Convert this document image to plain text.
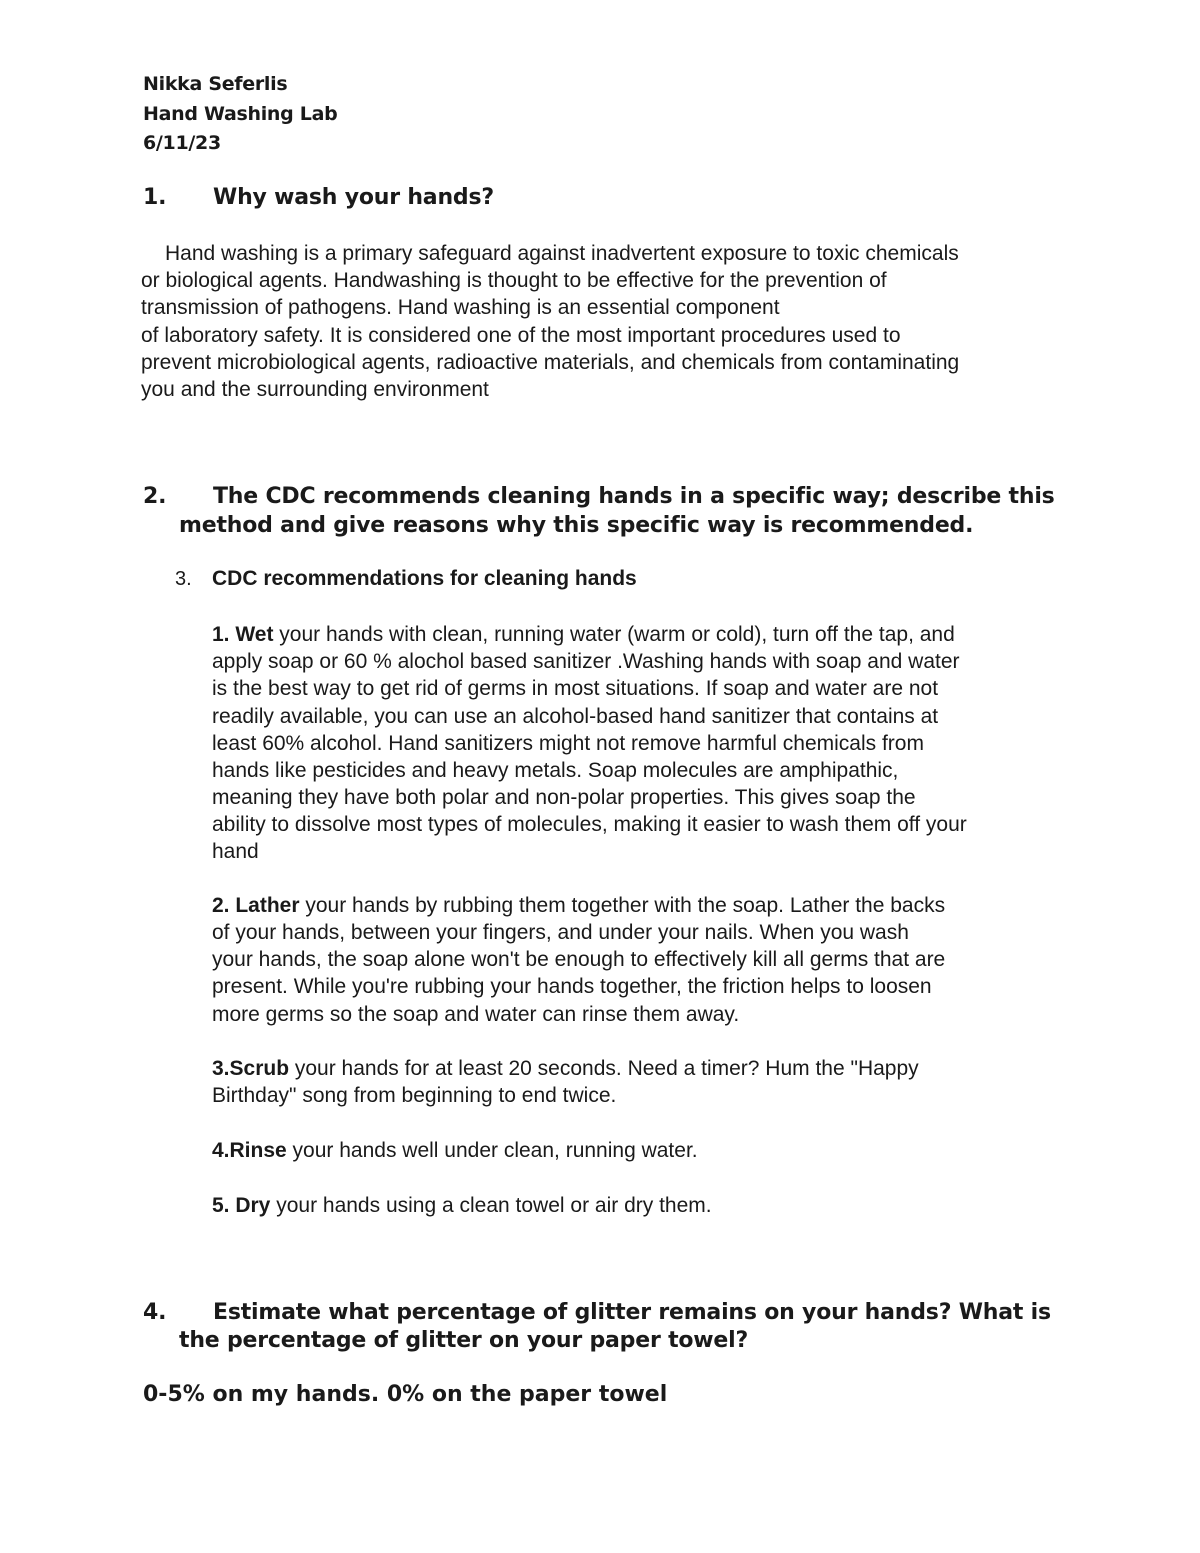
Nikka Seferlis
Hand Washing Lab
6/11/23
1. Why wash your hands?
Hand washing is a primary safeguard against inadvertent exposure to toxic chemicals
or biological agents. Handwashing is thought to be effective for the prevention of
transmission of pathogens. Hand washing is an essential component
of laboratory safety. It is considered one of the most important procedures used to
prevent microbiological agents, radioactive materials, and chemicals from contaminating
you and the surrounding environment
2. The CDC recommends cleaning hands in a specific way; describe this
method and give reasons why this specific way is recommended.
3. CDC recommendations for cleaning hands
1. Wet your hands with clean, running water (warm or cold), turn off the tap, and
apply soap or 60 % alochol based sanitizer .Washing hands with soap and water
is the best way to get rid of germs in most situations. If soap and water are not
readily available, you can use an alcohol-based hand sanitizer that contains at
least 60% alcohol. Hand sanitizers might not remove harmful chemicals from
hands like pesticides and heavy metals. Soap molecules are amphipathic,
meaning they have both polar and non-polar properties. This gives soap the
ability to dissolve most types of molecules, making it easier to wash them off your
hand
2. Lather your hands by rubbing them together with the soap. Lather the backs
of your hands, between your fingers, and under your nails. When you wash
your hands, the soap alone won't be enough to effectively kill all germs that are
present. While you're rubbing your hands together, the friction helps to loosen
more germs so the soap and water can rinse them away.
3.Scrub your hands for at least 20 seconds. Need a timer? Hum the "Happy
Birthday" song from beginning to end twice.
4.Rinse your hands well under clean, running water.
5. Dry your hands using a clean towel or air dry them.
4. Estimate what percentage of glitter remains on your hands? What is
the percentage of glitter on your paper towel?
0-5% on my hands. 0% on the paper towel
